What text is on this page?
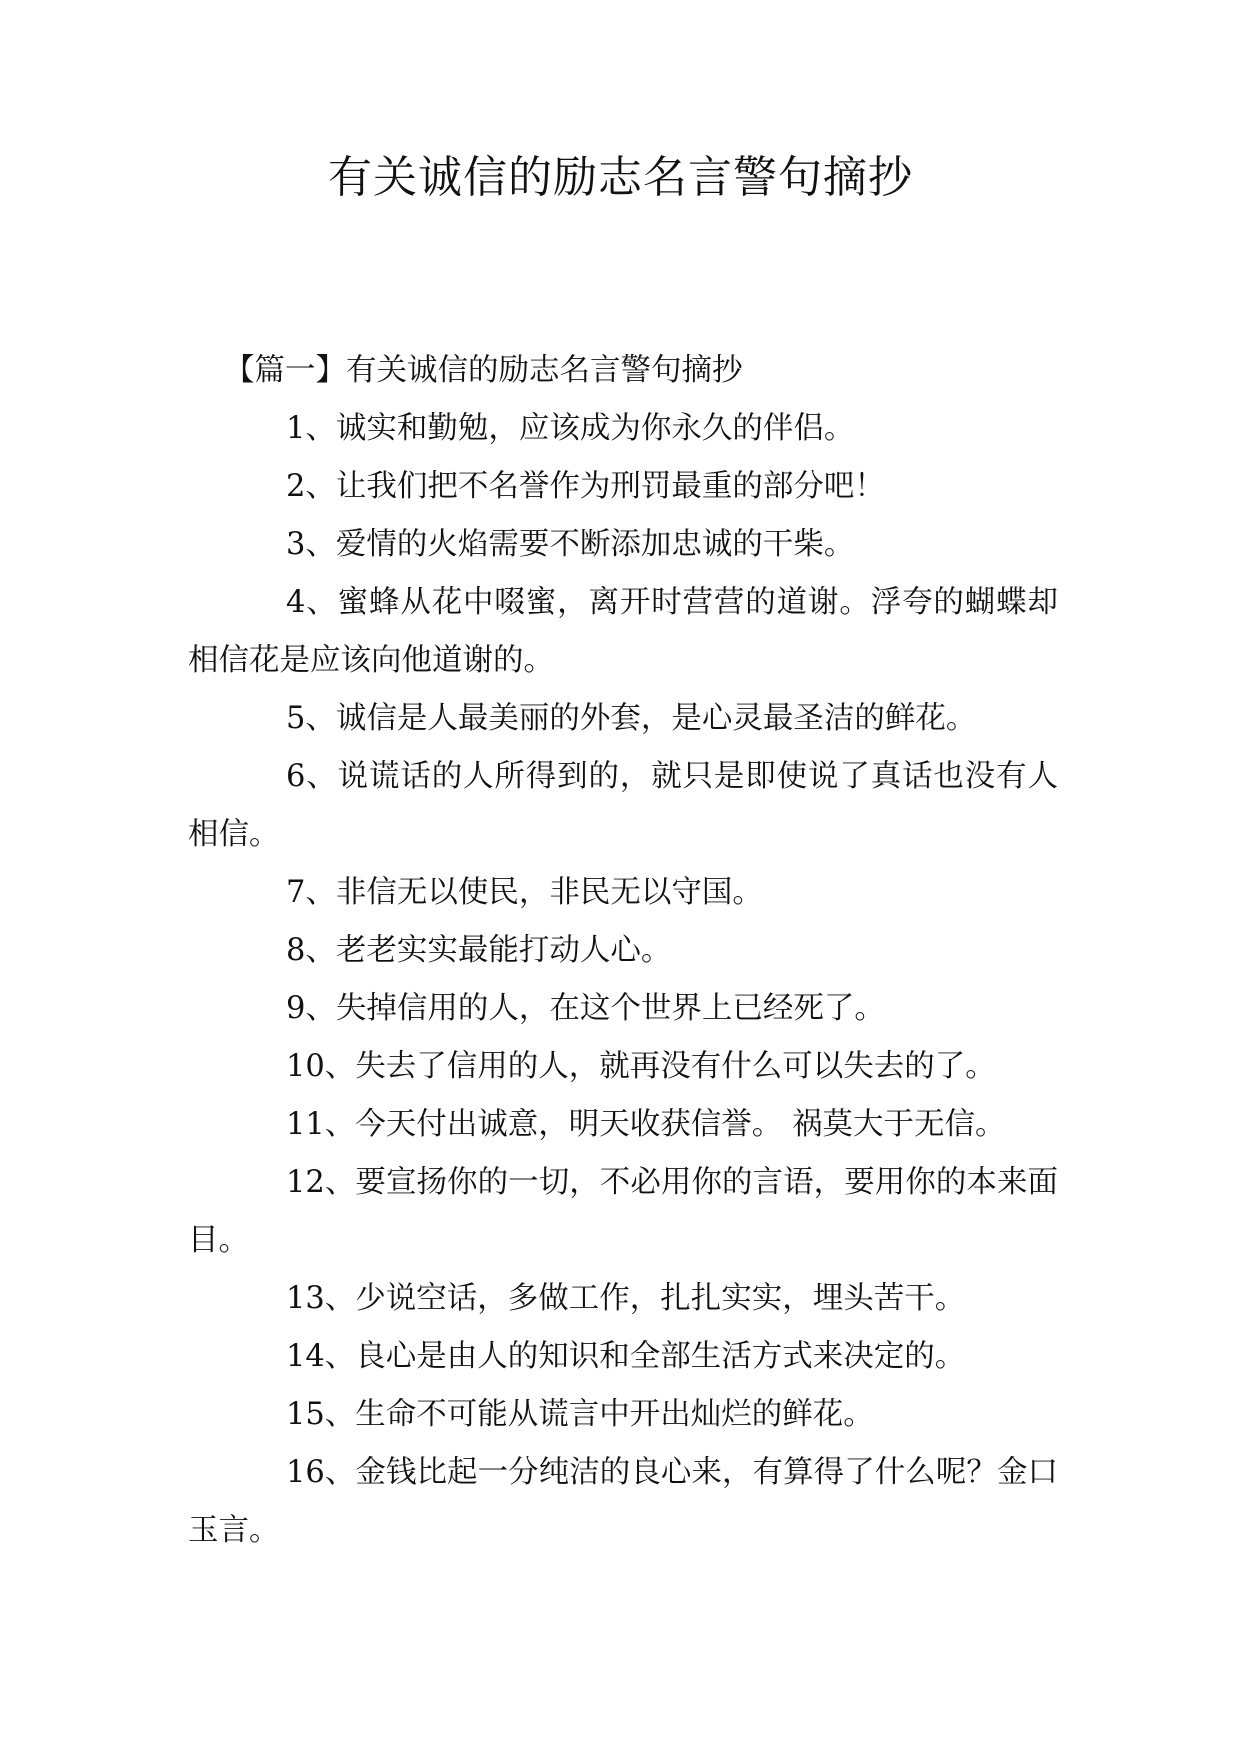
有关诚信的励志名言警句摘抄

【篇一】有关诚信的励志名言警句摘抄

1、诚实和勤勉，应该成为你永久的伴侣。

2、让我们把不名誉作为刑罚最重的部分吧！

3、爱情的火焰需要不断添加忠诚的干柴。

4、蜜蜂从花中啜蜜，离开时营营的道谢。浮夸的蝴蝶却相信花是应该向他道谢的。

5、诚信是人最美丽的外套，是心灵最圣洁的鲜花。

6、说谎话的人所得到的，就只是即使说了真话也没有人相信。

7、非信无以使民，非民无以守国。

8、老老实实最能打动人心。

9、失掉信用的人，在这个世界上已经死了。

10、失去了信用的人，就再没有什么可以失去的了。

11、今天付出诚意，明天收获信誉。 祸莫大于无信。

12、要宣扬你的一切，不必用你的言语，要用你的本来面目。

13、少说空话，多做工作，扎扎实实，埋头苦干。

14、良心是由人的知识和全部生活方式来决定的。

15、生命不可能从谎言中开出灿烂的鲜花。

16、金钱比起一分纯洁的良心来，有算得了什么呢？金口玉言。
